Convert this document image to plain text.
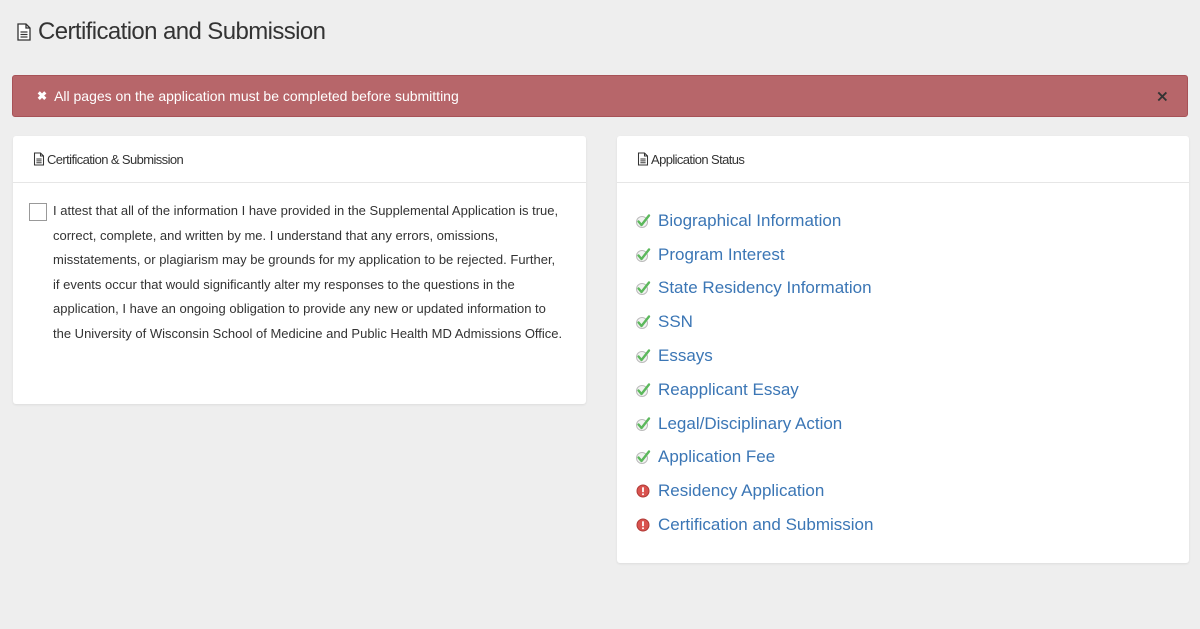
Certification and Submission
✖ All pages on the application must be completed before submitting	×
Certification & Submission
I attest that all of the information I have provided in the Supplemental Application is true, correct, complete, and written by me. I understand that any errors, omissions, misstatements, or plagiarism may be grounds for my application to be rejected. Further, if events occur that would significantly alter my responses to the questions in the application, I have an ongoing obligation to provide any new or updated information to the University of Wisconsin School of Medicine and Public Health MD Admissions Office.
Application Status
Biographical Information
Program Interest
State Residency Information
SSN
Essays
Reapplicant Essay
Legal/Disciplinary Action
Application Fee
Residency Application
Certification and Submission
